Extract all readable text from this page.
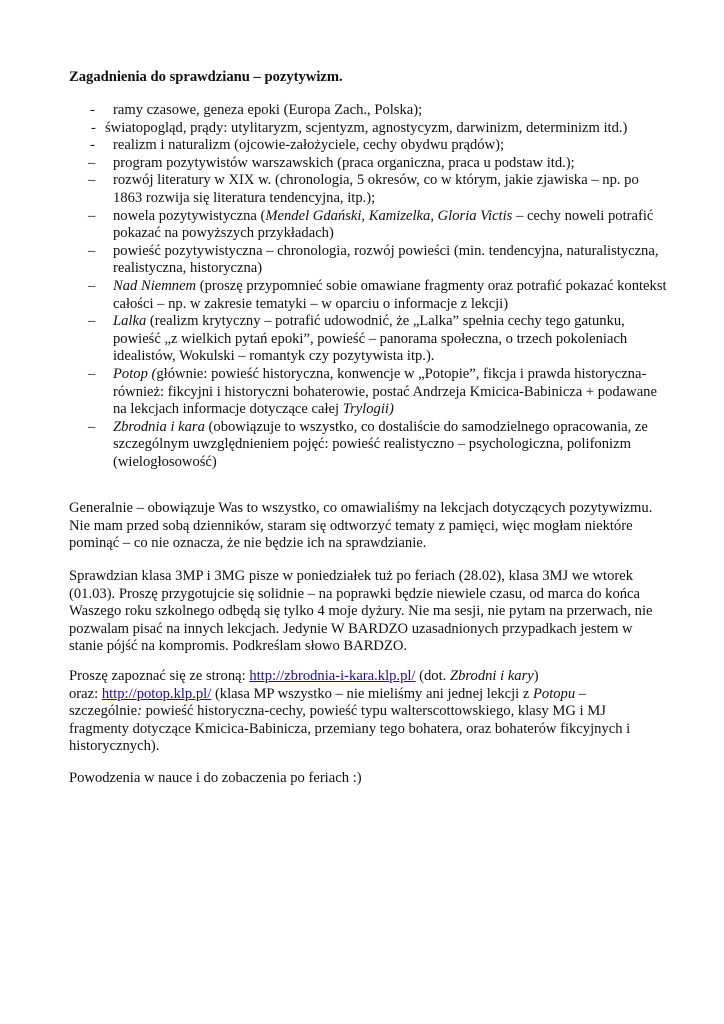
Zagadnienia do sprawdzianu – pozytywizm.
- ramy czasowe, geneza epoki (Europa Zach., Polska);
- światopogląd, prądy: utylitaryzm, scjentyzm, agnostycyzm, darwinizm, determinizm itd.)
- realizm i naturalizm (ojcowie-założyciele, cechy obydwu prądów);
– program pozytywistów warszawskich (praca organiczna, praca u podstaw itd.);
– rozwój literatury w XIX w. (chronologia, 5 okresów, co w którym, jakie zjawiska – np. po 1863 rozwija się literatura tendencyjna, itp.);
– nowela pozytywistyczna (Mendel Gdański, Kamizelka, Gloria Victis – cechy noweli potrafić pokazać na powyższych przykładach)
– powieść pozytywistyczna – chronologia, rozwój powieści (min. tendencyjna, naturalistyczna, realistyczna, historyczna)
– Nad Niemnem (proszę przypomnieć sobie omawiane fragmenty oraz potrafić pokazać kontekst całości – np. w zakresie tematyki – w oparciu o informacje z lekcji)
– Lalka (realizm krytyczny – potrafić udowodnić, że „Lalka” spełnia cechy tego gatunku, powieść „z wielkich pytań epoki”, powieść – panorama społeczna, o trzech pokoleniach idealistów, Wokulski – romantyk czy pozytywista itp.).
– Potop (głównie: powieść historyczna, konwencje w „Potopie”, fikcja i prawda historyczna- również: fikcyjni i historyczni bohaterowie, postać Andrzeja Kmicica-Babinicza + podawane na lekcjach informacje dotyczące całej Trylogii)
– Zbrodnia i kara (obowiązuje to wszystko, co dostaliście do samodzielnego opracowania, ze szczególnym uwzględnieniem pojęć: powieść realistyczno – psychologiczna, polifonizm (wielogłosowość)
Generalnie – obowiązuje Was to wszystko, co omawialiśmy na lekcjach dotyczących pozytywizmu. Nie mam przed sobą dzienników, staram się odtworzyć tematy z pamięci, więc mogłam niektóre pominąć – co nie oznacza, że nie będzie ich na sprawdzianie.
Sprawdzian klasa 3MP i 3MG pisze w poniedziałek tuż po feriach (28.02), klasa 3MJ we wtorek (01.03). Proszę przygotujcie się solidnie – na poprawki będzie niewiele czasu, od marca do końca Waszego roku szkolnego odbędą się tylko 4 moje dyżury. Nie ma sesji, nie pytam na przerwach, nie pozwalam pisać na innych lekcjach. Jedynie W BARDZO uzasadnionych przypadkach jestem w stanie pójść na kompromis. Podkreślam słowo BARDZO.
Proszę zapoznać się ze stroną: http://zbrodnia-i-kara.klp.pl/ (dot. Zbrodni i kary)
oraz: http://potop.klp.pl/ (klasa MP wszystko – nie mieliśmy ani jednej lekcji z Potopu – szczególnie: powieść historyczna-cechy, powieść typu walterscottowskiego, klasy MG i MJ fragmenty dotyczące Kmicica-Babinicza, przemiany tego bohatera, oraz bohaterów fikcyjnych i historycznych).
Powodzenia w nauce i do zobaczenia po feriach :)
